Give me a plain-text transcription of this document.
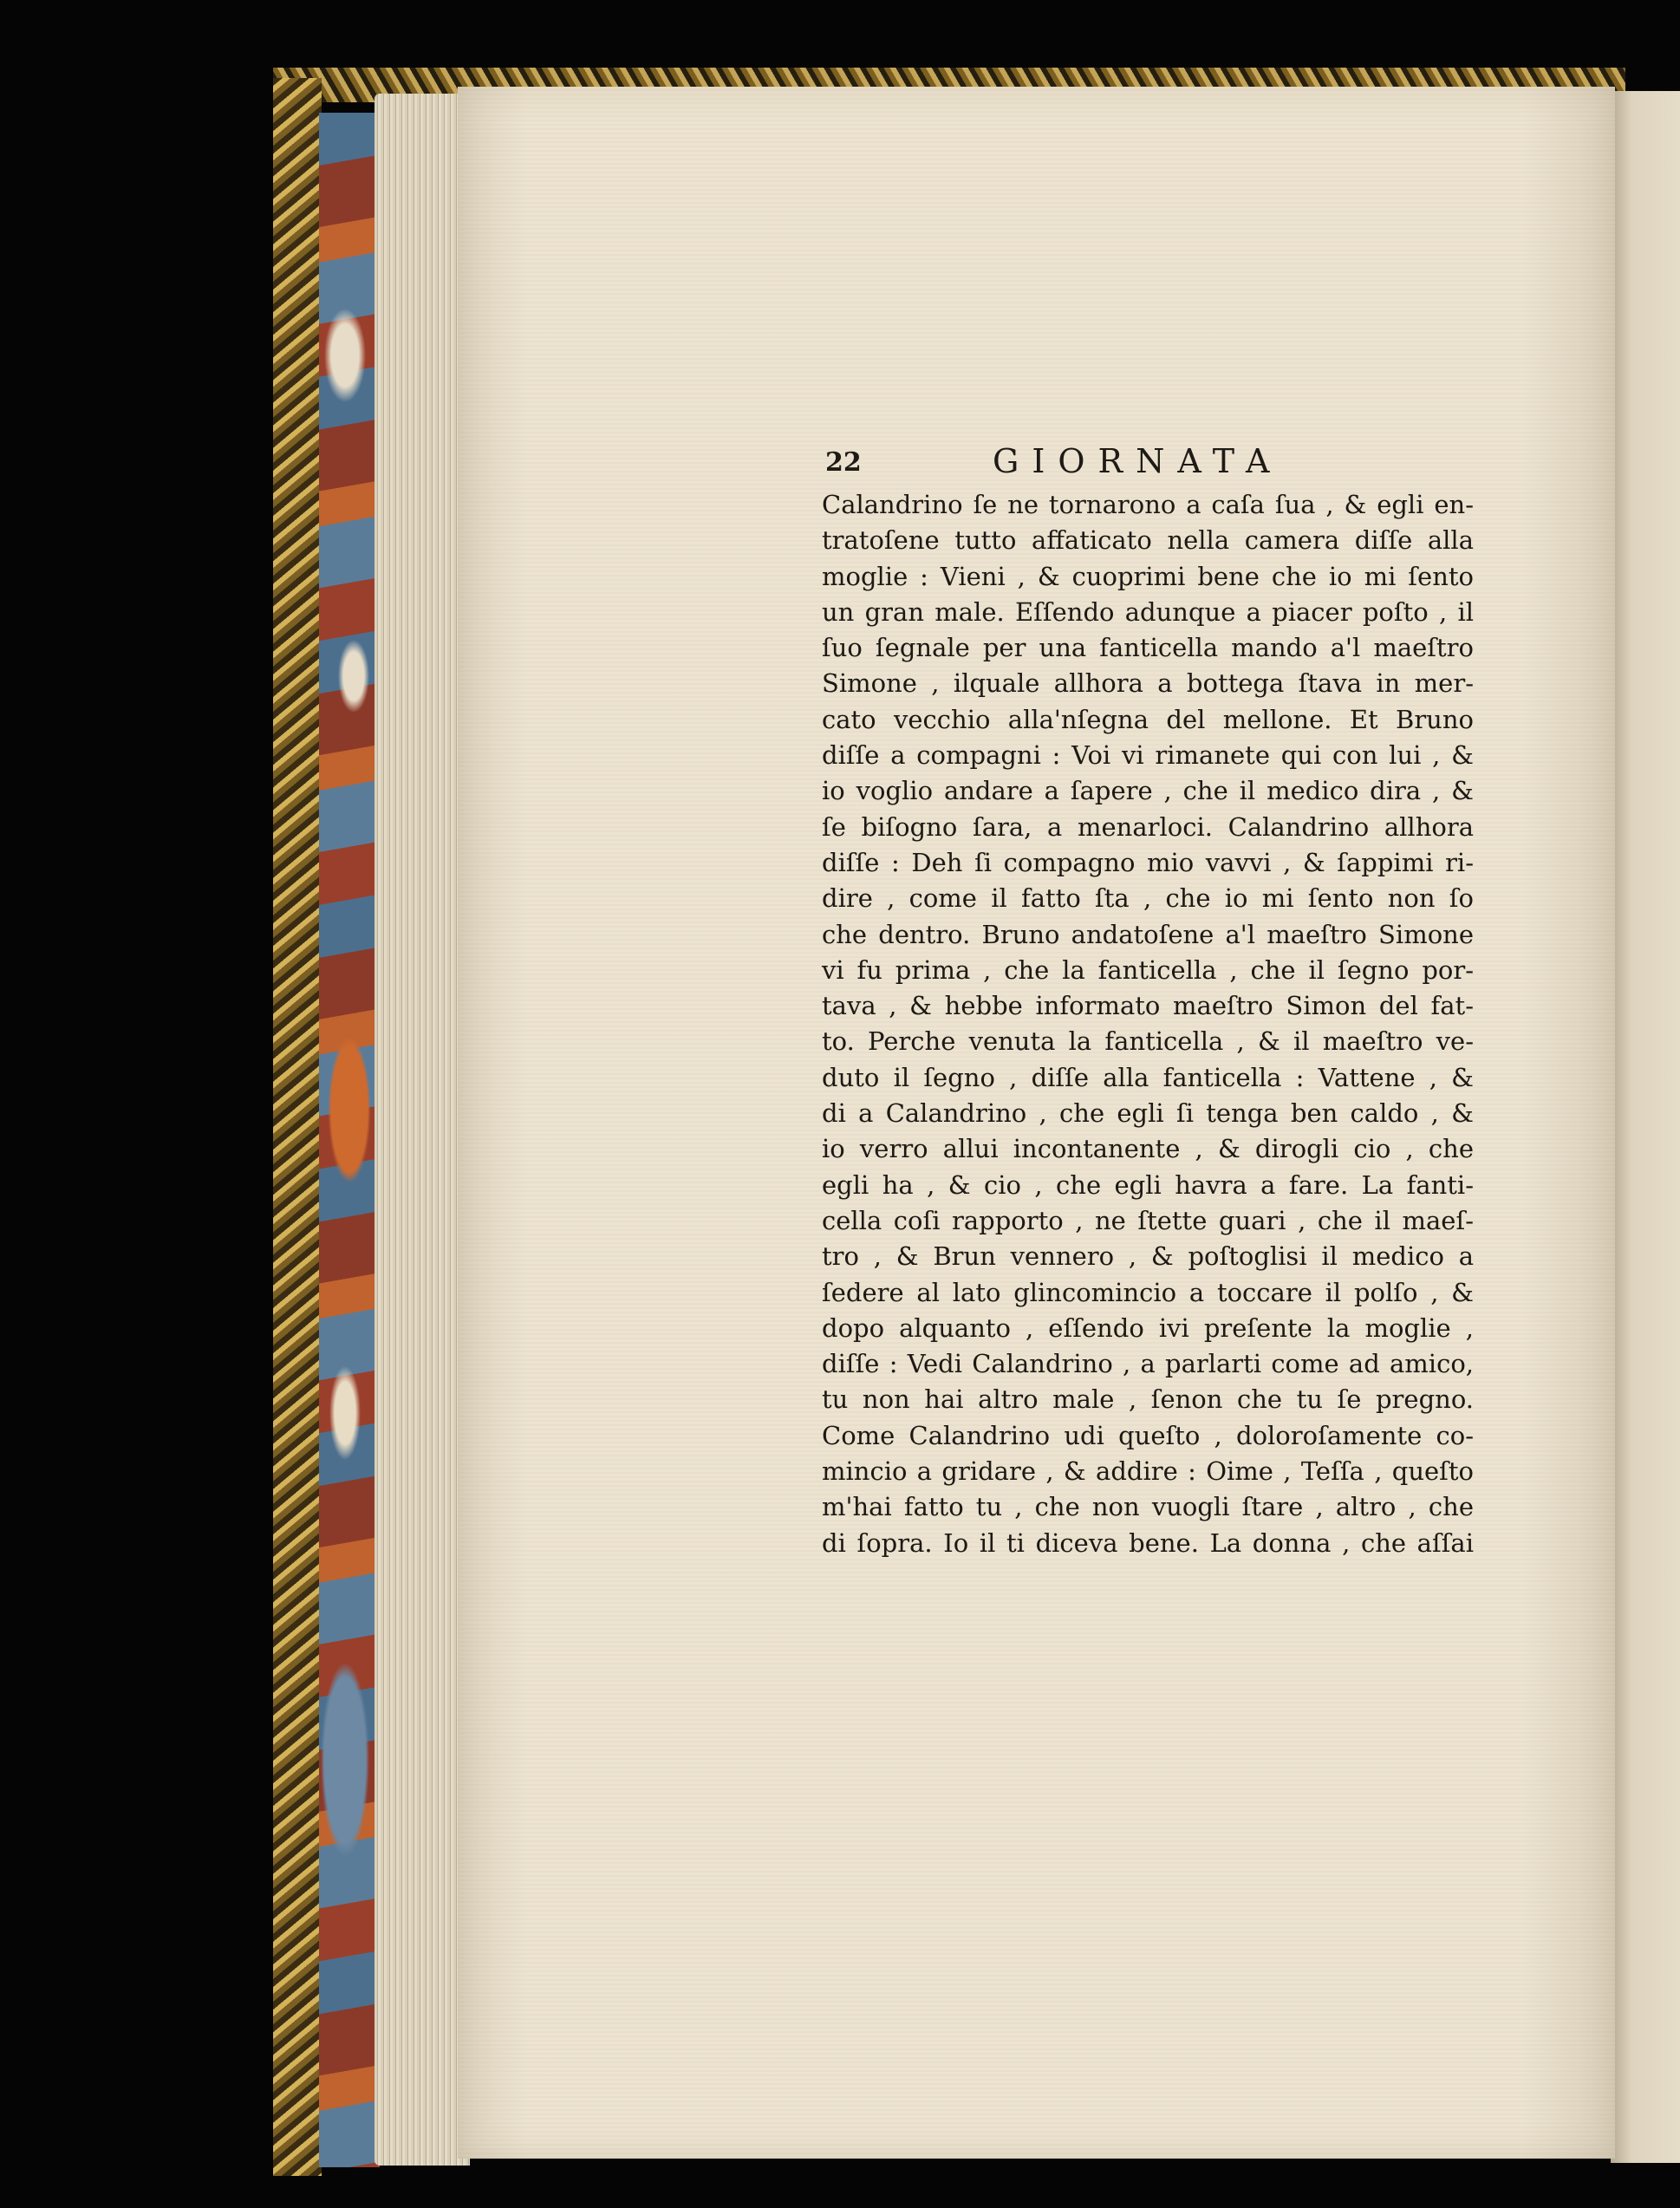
22	GIORNATA
Calandrino ſe ne tornarono a caſa ſua , & egli en-
tratoſene tutto affaticato nella camera diſſe alla
moglie : Vieni , & cuoprimi bene che io mi ſento
un gran male. Eſſendo adunque a piacer poſto , il
ſuo ſegnale per una fanticella mando a'l maeſtro
Simone , ilquale allhora a bottega ſtava in mer-
cato vecchio alla'nſegna del mellone. Et Bruno
diſſe a compagni : Voi vi rimanete qui con lui , &
io voglio andare a ſapere , che il medico dira , &
ſe biſogno ſara, a menarloci. Calandrino allhora
diſſe : Deh ſi compagno mio vavvi , & ſappimi ri-
dire , come il fatto ſta , che io mi ſento non ſo
che dentro. Bruno andatoſene a'l maeſtro Simone
vi fu prima , che la fanticella , che il ſegno por-
tava , & hebbe informato maeſtro Simon del fat-
to. Perche venuta la fanticella , & il maeſtro ve-
duto il ſegno , diſſe alla fanticella : Vattene , &
di a Calandrino , che egli ſi tenga ben caldo , &
io verro allui incontanente , & dirogli cio , che
egli ha , & cio , che egli havra a fare. La fanti-
cella coſi rapporto , ne ſtette guari , che il maeſ-
tro , & Brun vennero , & poſtoglisi il medico a
ſedere al lato glincomincio a toccare il polſo , &
dopo alquanto , eſſendo ivi preſente la moglie ,
diſſe : Vedi Calandrino , a parlarti come ad amico,
tu non hai altro male , ſenon che tu ſe pregno.
Come Calandrino udi queſto , doloroſamente co-
mincio a gridare , & addire : Oime , Teſſa , queſto
m'hai fatto tu , che non vuogli ſtare , altro , che
di ſopra. Io il ti diceva bene. La donna , che aſſai
